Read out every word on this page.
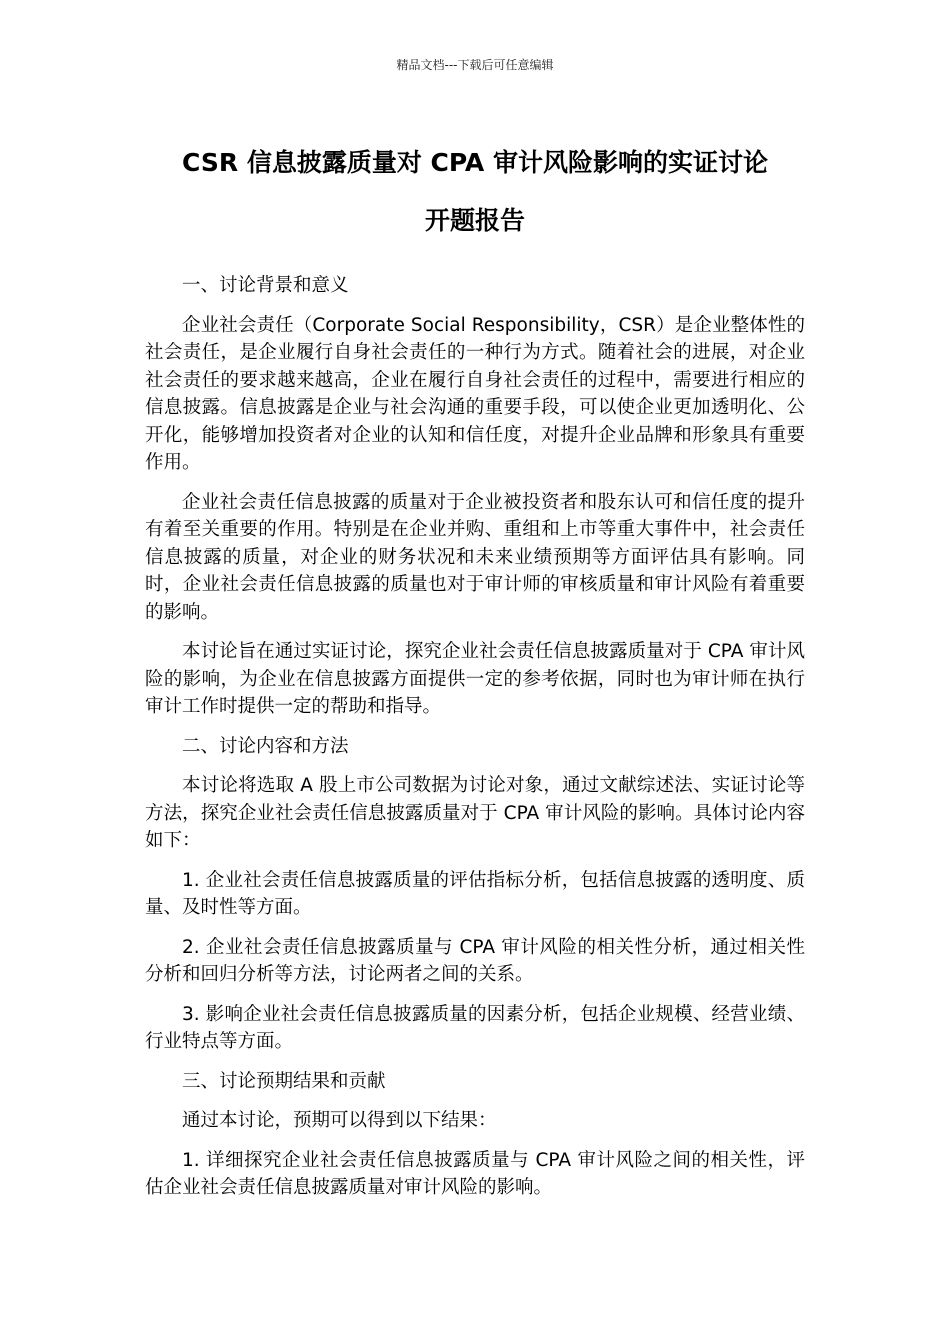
精品文档---下载后可任意编辑
CSR 信息披露质量对 CPA 审计风险影响的实证讨论
开题报告

一、讨论背景和意义

企业社会责任（Corporate Social Responsibility，CSR）是企业整体性的社会责任，是企业履行自身社会责任的一种行为方式。随着社会的进展，对企业社会责任的要求越来越高，企业在履行自身社会责任的过程中，需要进行相应的信息披露。信息披露是企业与社会沟通的重要手段，可以使企业更加透明化、公开化，能够增加投资者对企业的认知和信任度，对提升企业品牌和形象具有重要作用。

企业社会责任信息披露的质量对于企业被投资者和股东认可和信任度的提升有着至关重要的作用。特别是在企业并购、重组和上市等重大事件中，社会责任信息披露的质量，对企业的财务状况和未来业绩预期等方面评估具有影响。同时，企业社会责任信息披露的质量也对于审计师的审核质量和审计风险有着重要的影响。

本讨论旨在通过实证讨论，探究企业社会责任信息披露质量对于 CPA 审计风险的影响，为企业在信息披露方面提供一定的参考依据，同时也为审计师在执行审计工作时提供一定的帮助和指导。

二、讨论内容和方法

本讨论将选取 A 股上市公司数据为讨论对象，通过文献综述法、实证讨论等方法，探究企业社会责任信息披露质量对于 CPA 审计风险的影响。具体讨论内容如下：

1. 企业社会责任信息披露质量的评估指标分析，包括信息披露的透明度、质量、及时性等方面。

2. 企业社会责任信息披露质量与 CPA 审计风险的相关性分析，通过相关性分析和回归分析等方法，讨论两者之间的关系。

3. 影响企业社会责任信息披露质量的因素分析，包括企业规模、经营业绩、行业特点等方面。

三、讨论预期结果和贡献

通过本讨论，预期可以得到以下结果：

1. 详细探究企业社会责任信息披露质量与 CPA 审计风险之间的相关性，评估企业社会责任信息披露质量对审计风险的影响。
